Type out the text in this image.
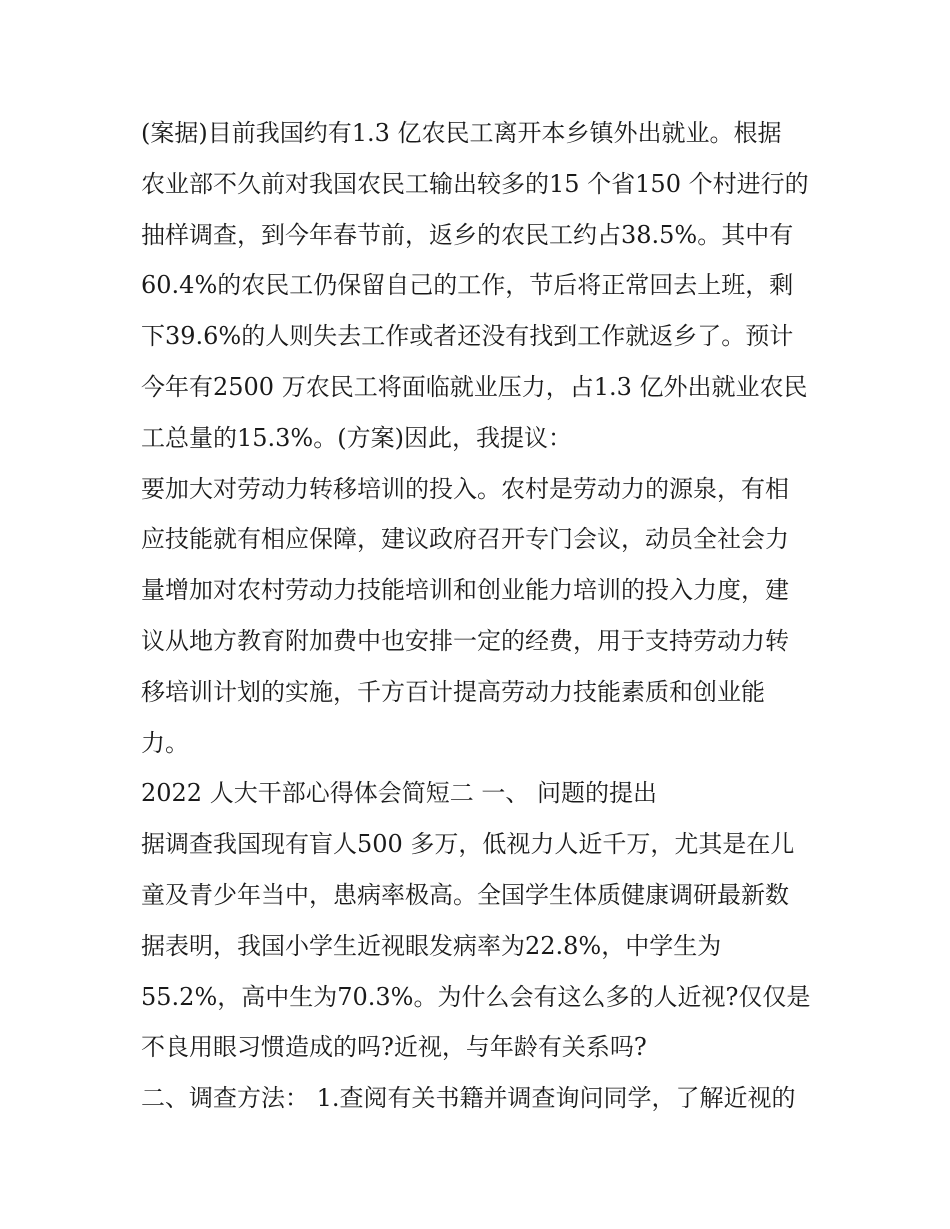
(案据)目前我国约有1.3 亿农民工离开本乡镇外出就业。根据
农业部不久前对我国农民工输出较多的15 个省150 个村进行的
抽样调查，到今年春节前，返乡的农民工约占38.5%。其中有
60.4%的农民工仍保留自己的工作，节后将正常回去上班，剩
下39.6%的人则失去工作或者还没有找到工作就返乡了。预计
今年有2500 万农民工将面临就业压力，占1.3 亿外出就业农民
工总量的15.3%。(方案)因此，我提议：
要加大对劳动力转移培训的投入。农村是劳动力的源泉，有相
应技能就有相应保障，建议政府召开专门会议，动员全社会力
量增加对农村劳动力技能培训和创业能力培训的投入力度，建
议从地方教育附加费中也安排一定的经费，用于支持劳动力转
移培训计划的实施，千方百计提高劳动力技能素质和创业能
力。
2022 人大干部心得体会简短二 一、 问题的提出
据调查我国现有盲人500 多万，低视力人近千万，尤其是在儿
童及青少年当中，患病率极高。全国学生体质健康调研最新数
据表明，我国小学生近视眼发病率为22.8%，中学生为
55.2%，高中生为70.3%。为什么会有这么多的人近视?仅仅是
不良用眼习惯造成的吗?近视，与年龄有关系吗?
二、调查方法： 1.查阅有关书籍并调查询问同学，了解近视的
